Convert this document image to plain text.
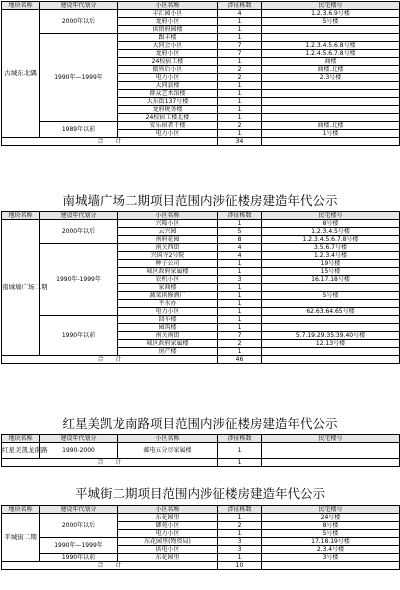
地块名称	建设年代划分	小区名称	涉征栋数	民宅楼号
古城东北隅	2000年以后	丰汇园小区	4	1.2.3.6.9号楼
		龙府小区	1	5号楼
		供销府园楼	1	
	1990年—1999年	跟丰楼	1	
		大同会小区	7	1.2.3.4.5.6.8号楼
		龙府小区	7	1.2.4.5.6.7.8号楼
		24校宿工楼	1	商楼
		傲皆后小区	2	商楼.北楼
		电力小区	2	2.3号楼
		大同县楼	1	
		群众艺术馆楼	1	
		大东街137号楼	1	
		龙府税务楼	1	
		24校宿工楼北楼	1	
	1989年以前	安乐宿者干楼	2	商楼.北楼
		电力小区	1	1号楼
合　　计			34	
南城墙广场二期项目范围内涉征楼房建造年代公示
地块名称	建设年代划分	小区名称	涉征栋数	民宅楼号
南城墙广场二期	2000年以后	兴隆小区	1	8号楼
		云兴园	5	1.2.3.4.5号楼
		南府花园	8	1.2.3.4.5.6.7.8号楼
	1990年-1999年	南关西街	4	3.5.6.7号楼
		兴国寺2号院	4	1.2.3.4号楼
		种子公司	1	19号楼
		城区政府家属楼	1	15号楼
		农机小区	3	16.17.18号楼
		家商楼	1	
		蔬菜供修酒厂	1	5号楼
		平水办	1	
		电力小区	1	62.63.64.65号楼
	1990年以前	回车楼	1	
		园筑楼	1	
		南关南街	7	5.7.19.29.35.39.40号楼
		城区政府家属楼	2	12.13号楼
		房产楼	1	
合　　计			46	
红星美凯龙南路项目范围内涉征楼房建造年代公示
地块名称	建设年代划分	小区名称	涉征栋数	民宅楼号
红星美凯龙南路	1990-2000	邮电五分尽家属楼	1	
合　　计			1	
平城街二期项目范围内涉征楼房建造年代公示
地块名称	建设年代划分	小区名称	涉征栋数	民宅楼号
平城街二期	2000年以后	东花园里	1	24号楼
		御苑小区	2	8号楼
		电力小区	1	5号楼
	1990年—1999年	东花园里(物资局)	3	17.18.19号楼
		供电小区	3	2.3.4号楼
	1990年以前	东花园里	1	3号楼
合　　计			10	
